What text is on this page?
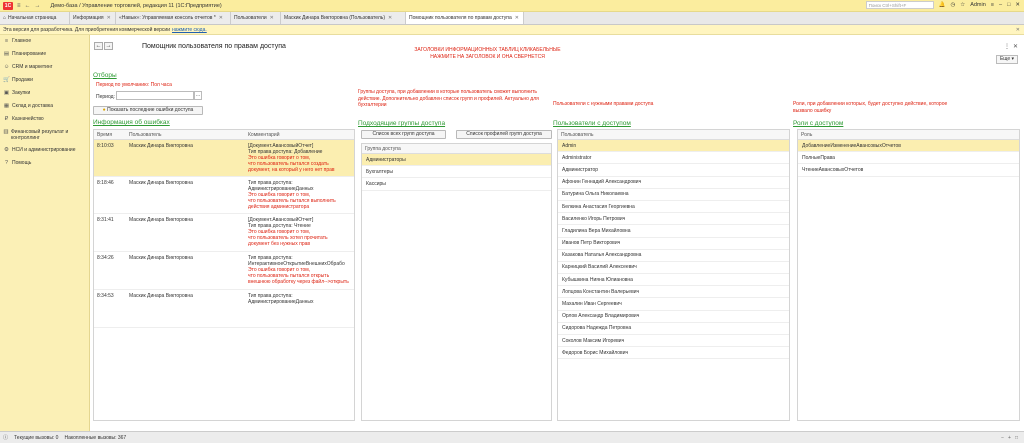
1С ≡ ← → Демо-база / Управление торговлей, редакция 11 (1С:Предприятие)	Поиск Ctrl+Shift+F	🔔 ◷ ☆ Admin ≡ – □ ✕
⌂ Начальная страница	Информация ✕ «Навык»: Управляемая консоль отчетов * ✕ Пользователи ✕ Маскик Динара Викторовна (Пользователь) ✕	Помощник пользователя по правам доступа ✕
Эта версия для разработчика. Для приобретения коммерческой версии нажмите сюда.	✕
≡ Главное
▤ Планирование
☺ CRM и маркетинг
🛒 Продажи
▣ Закупки
▦ Склад и доставка
₽ Казначейство
▥ Финансовый результат и контроллинг
⚙ НСИ и администрирование
? Помощь
← →	Помощник пользователя по правам доступа	ЗАГОЛОВКИ ИНФОРМАЦИОННЫХ ТАБЛИЦ КЛИКАБЕЛЬНЫЕ НАЖМИТЕ НА ЗАГОЛОВОК И ОНА СВЕРНЕТСЯ
⋮ ✕
Еще ▾
Отборы
Период по умолчанию: Пол часа
Период:	…
● Показать последние ошибки доступа
Информация об ошибках
Время	Пользователь	Комментарий
8:10:03	Маскик Динара Викторовна	[Документ.АвансовыйОтчет]
Тип права доступа: Добавление
Это ошибка говорит о том,
что пользователь пытался создать
документ, на который у него нет прав
8:18:46	Маскик Динара Викторовна	Тип права доступа:
АдминистрированиеДанных
Это ошибка говорит о том,
что пользователь пытался выполнить
действия администратора
8:31:41	Маскик Динара Викторовна	[Документ.АвансовыйОтчет]
Тип права доступа: Чтение
Это ошибка говорит о том,
что пользователь хотел прочитать
документ без нужных прав
8:34:26	Маскик Динара Викторовна	Тип права доступа:
ИнтерактивноеОткрытиеВнешнихОбрабо
Это ошибка говорит о том,
что пользователь пытался открыть
внешнюю обработку через файл-->открыть
8:34:53	Маскик Динара Викторовна	Тип права доступа:
АдминистрированиеДанных
Группы доступа, при добавлении в которые пользователь сможет выполнить действие. Дополнительно добавлен список групп и профилей. Актуально для бухгалтерии
Подходящие группы доступа
Список всех групп доступа	Список профилей групп доступа
Группа доступа
Администраторы
Бухгалтеры
Кассиры
Пользователи с нужными правами доступа
Пользователи с доступом
Пользователь
Admin
Administrator
Администратор
Афонин Геннадий Александрович
Батурина Ольга Николаевна
Белкина Анастасия Георгиевна
Василенко Игорь Петрович
Гладилина Вера Михайловна
Иванов Петр Викторович
Казакова Наталья Александровна
Карницкий Василий Алексеевич
Кубышкина Нияна Юлиановна
Лопцова Константин Валерьевич
Махалин Иван Сергеевич
Орлов Александр Владимирович
Сидорова Надежда Петровна
Соколов Максим Игоревич
Федоров Борис Михайлович
Роли, при добавлении которых, будет доступно действие, которое вызвало ошибку
Роли с доступом
Роль
ДобавлениеИзменениеАвансовыхОтчетов
ПолныеПрава
ЧтениеАвансовыхОтчетов
ⓘ Текущие вызовы: 0 Накопленные вызовы: 367	− + □
